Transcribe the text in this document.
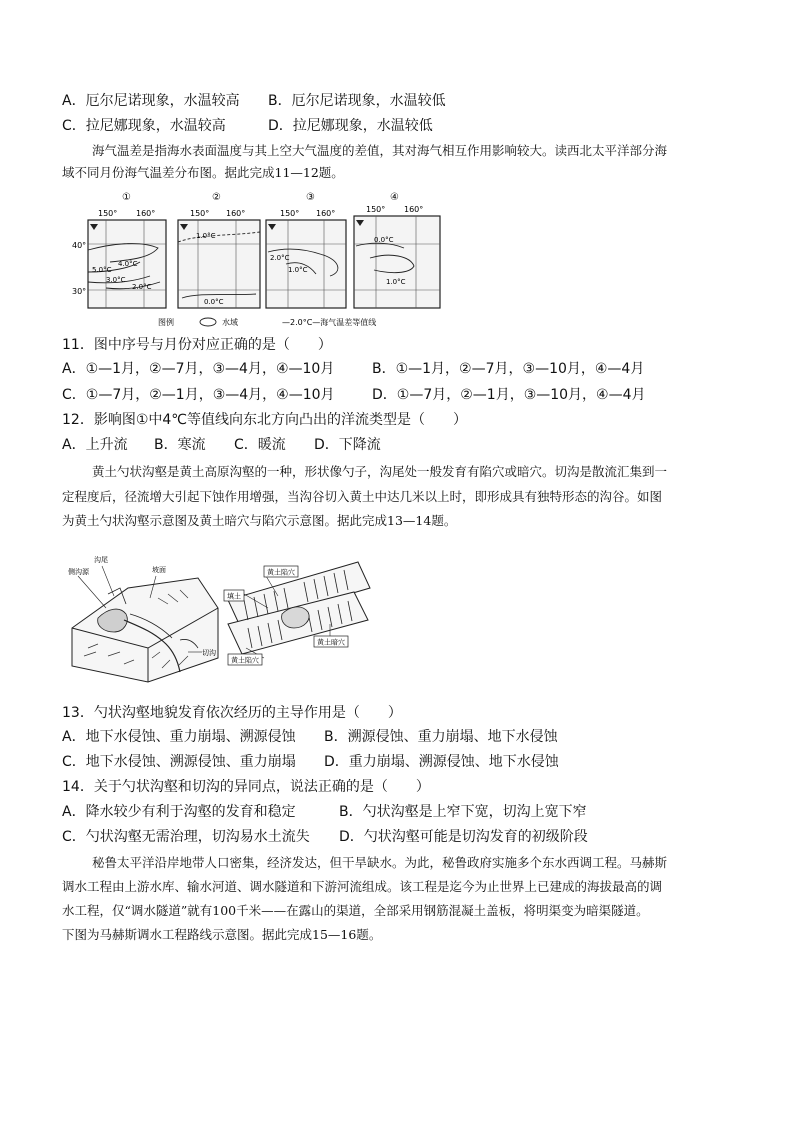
A．厄尔尼诺现象，水温较高 B．厄尔尼诺现象，水温较低
C．拉尼娜现象，水温较高	D．拉尼娜现象，水温较低
海气温差是指海水表面温度与其上空大气温度的差值，其对海气相互作用影响较大。读西北太平洋部分海
域不同月份海气温差分布图。据此完成11—12题。
40°
30°
①
150° 160°
4.0°C
5.0°C
3.0°C
2.0°C
②
150° 160°
1.0°C
0.0°C
③
150° 160°
2.0°C
1.0°C
④
150° 160°
0.0°C
1.0°C
图例	水域	—2.0°C—海气温差等值线
11．图中序号与月份对应正确的是（　　）
A．①—1月，②—7月，③—4月，④—10月	B．①—1月，②—7月，③—10月，④—4月
C．①—7月，②—1月，③—4月，④—10月	D．①—7月，②—1月，③—10月，④—4月
12．影响图①中4℃等值线向东北方向凸出的洋流类型是（　　）
A．上升流 B．寒流 C．暖流 D．下降流
黄土勺状沟壑是黄土高原沟壑的一种，形状像勺子，沟尾处一般发育有陷穴或暗穴。切沟是散流汇集到一
定程度后，径流增大引起下蚀作用增强，当沟谷切入黄土中达几米以上时，即形成具有独特形态的沟谷。如图
为黄土勺状沟壑示意图及黄土暗穴与陷穴示意图。据此完成13—14题。
沟尾
侧沟源	坡面
切沟
黄土陷穴
填土
黄土暗穴
黄土陷穴
13．勺状沟壑地貌发育依次经历的主导作用是（　　）
A．地下水侵蚀、重力崩塌、溯源侵蚀 B．溯源侵蚀、重力崩塌、地下水侵蚀
C．地下水侵蚀、溯源侵蚀、重力崩塌 D．重力崩塌、溯源侵蚀、地下水侵蚀
14．关于勺状沟壑和切沟的异同点，说法正确的是（　　）
A．降水较少有利于沟壑的发育和稳定	B．勺状沟壑是上窄下宽，切沟上宽下窄
C．勺状沟壑无需治理，切沟易水土流失 D．勺状沟壑可能是切沟发育的初级阶段
秘鲁太平洋沿岸地带人口密集，经济发达，但干旱缺水。为此，秘鲁政府实施多个东水西调工程。马赫斯
调水工程由上游水库、输水河道、调水隧道和下游河流组成。该工程是迄今为止世界上已建成的海拔最高的调
水工程，仅“调水隧道”就有100千米——在露山的渠道，全部采用钢筋混凝土盖板，将明渠变为暗渠隧道。
下图为马赫斯调水工程路线示意图。据此完成15—16题。
